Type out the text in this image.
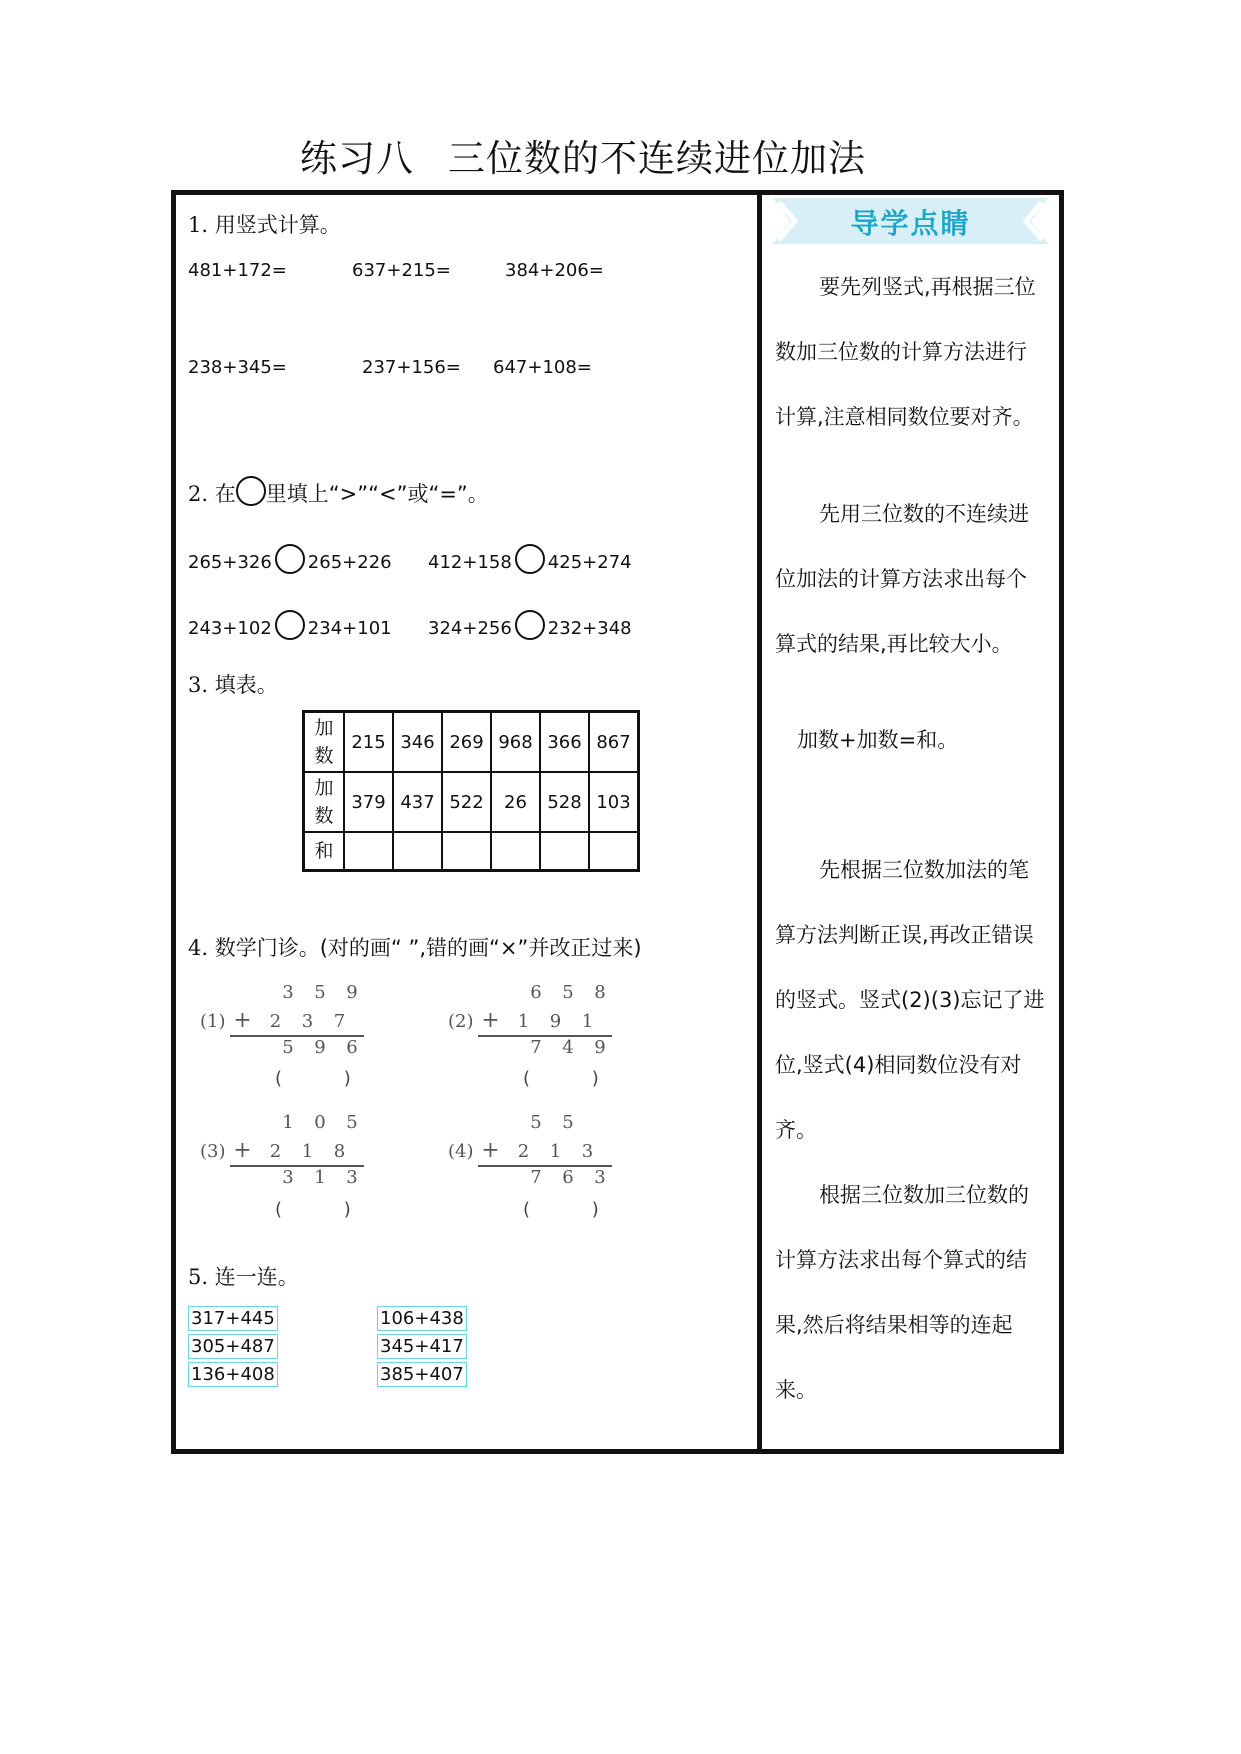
练习八 三位数的不连续进位加法
1. 用竖式计算。
481+172=	637+215=	384+206=
238+345=	237+156= 647+108=
2. 在 里填上“>”“<”或“=”。
265+326 265+226 412+158 425+274
243+102 234+101 324+256 232+348
3. 填表。
加
数	215	346	269	968	366	867
加
数	379	437	522	26	528	103
和						
4. 数学门诊。(对的画“ ”,错的画“×”并改正过来)
3 5 9
(1) + 2 3 7
5 9 6
( )
6 5 8
(2) + 1 9 1
7 4 9
( )
1 0 5
(3) + 2 1 8
3 1 3
( )
5 5
(4) + 2 1 3
7 6 3
( )
5. 连一连。
317+445
305+487
136+408
106+438
345+417
385+407
导学点睛
要先列竖式,再根据三位
数加三位数的计算方法进行
计算,注意相同数位要对齐。
先用三位数的不连续进
位加法的计算方法求出每个
算式的结果,再比较大小。
加数+加数=和。
先根据三位数加法的笔
算方法判断正误,再改正错误
的竖式。竖式(2)(3)忘记了进
位,竖式(4)相同数位没有对
齐。
根据三位数加三位数的
计算方法求出每个算式的结
果,然后将结果相等的连起
来。
